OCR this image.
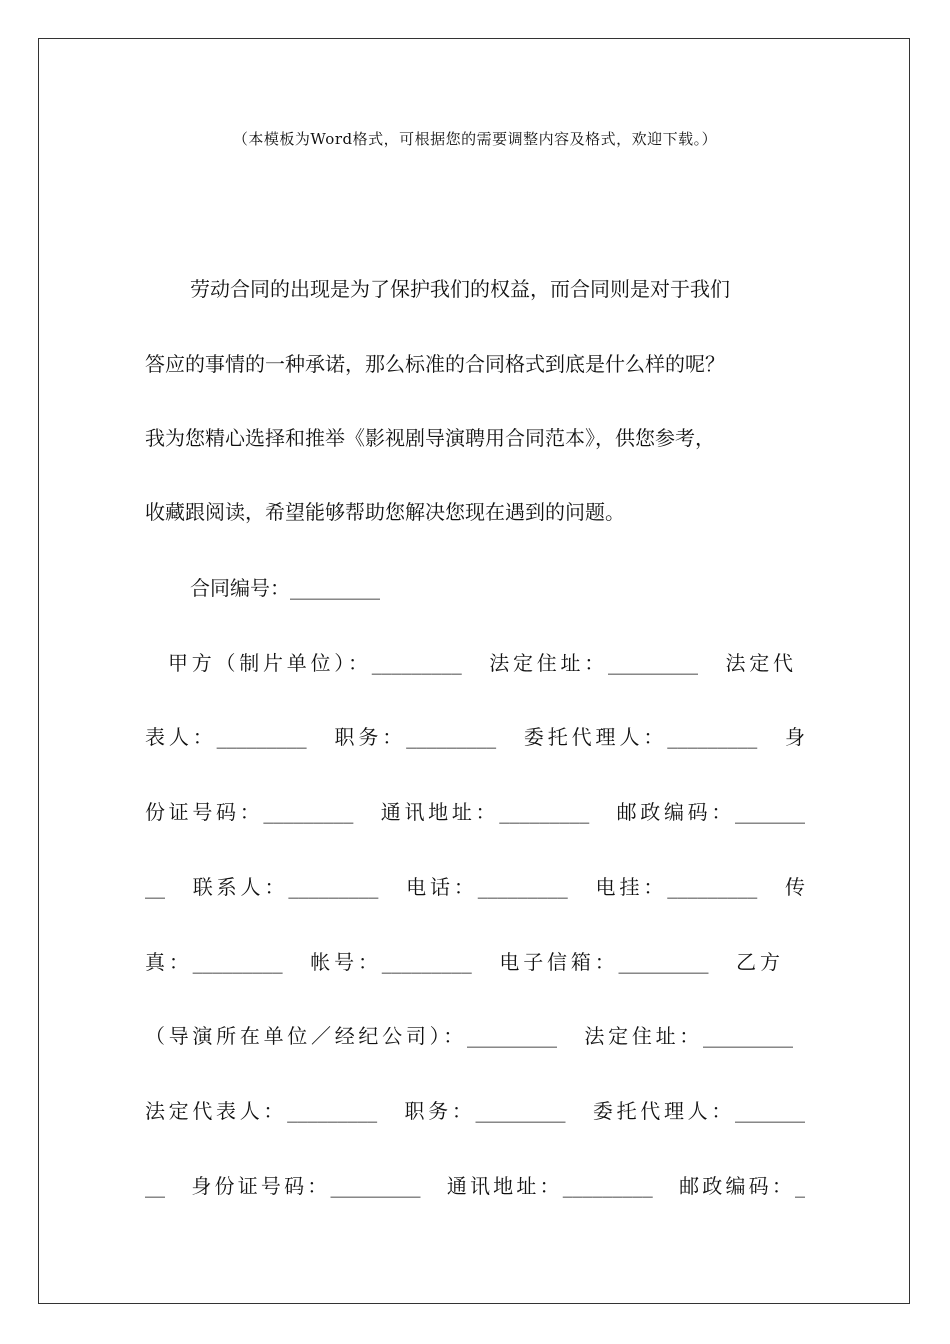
（本模板为Word格式，可根据您的需要调整内容及格式，欢迎下载。）
劳动合同的出现是为了保护我们的权益，而合同则是对于我们
答应的事情的一种承诺，那么标准的合同格式到底是什么样的呢？
我为您精心选择和推举《影视剧导演聘用合同范本》，供您参考，
收藏跟阅读，希望能够帮助您解决您现在遇到的问题。
合同编号：_________
甲方（制片单位）：_________　法定住址：_________　法定代
表人：_________　职务：_________　委托代理人：_________　身
份证号码：_________　通讯地址：_________　邮政编码：_______
__　联系人：_________　电话：_________　电挂：_________　传
真：_________　帐号：_________　电子信箱：_________　乙方
（导演所在单位／经纪公司）：_________　法定住址：_________
法定代表人：_________　职务：_________　委托代理人：_______
__　身份证号码：_________　通讯地址：_________　邮政编码：_
